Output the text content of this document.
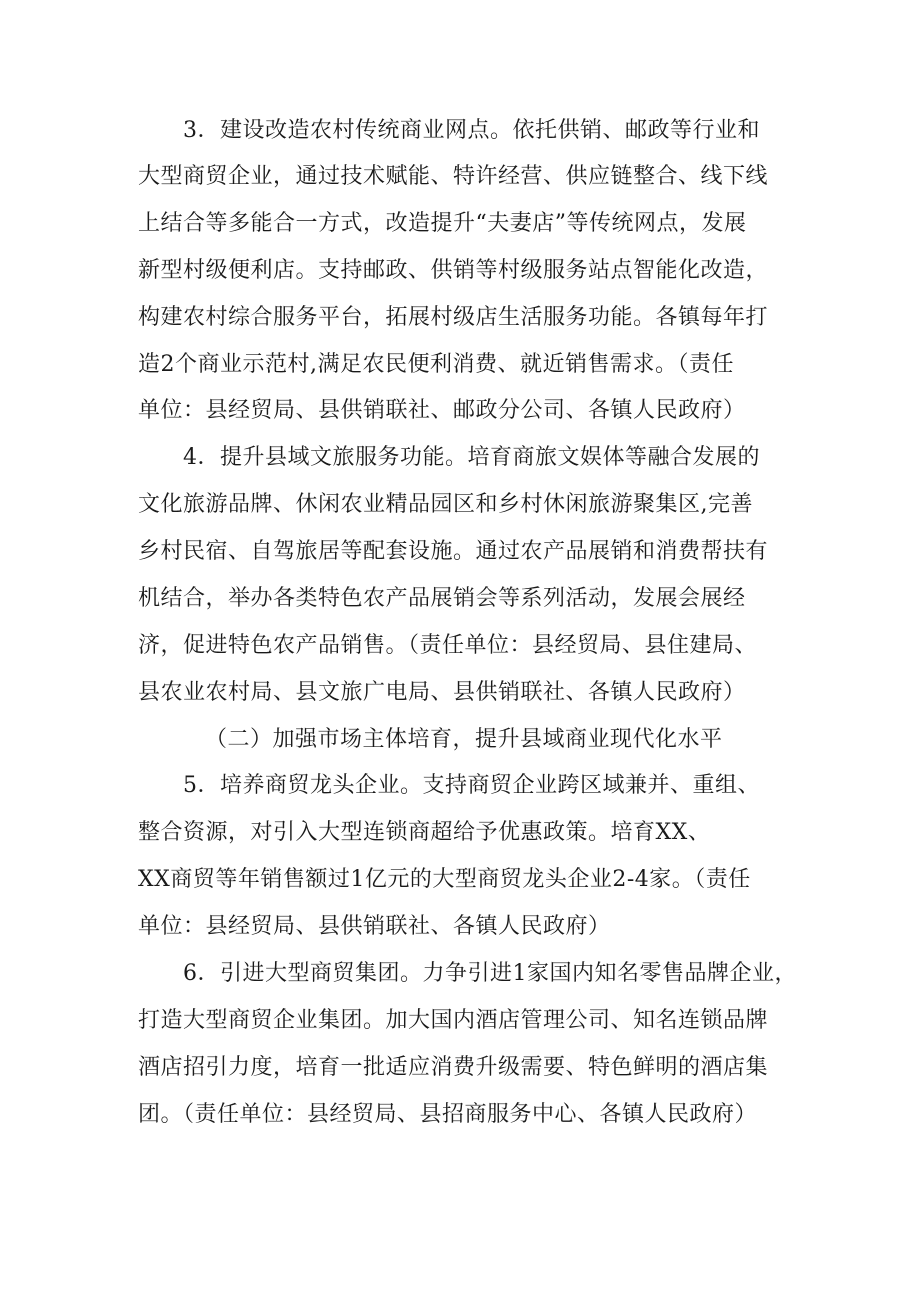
3．建设改造农村传统商业网点。依托供销、邮政等行业和
大型商贸企业，通过技术赋能、特许经营、供应链整合、线下线
上结合等多能合一方式，改造提升“夫妻店”等传统网点，发展
新型村级便利店。支持邮政、供销等村级服务站点智能化改造，
构建农村综合服务平台，拓展村级店生活服务功能。各镇每年打
造2个商业示范村,满足农民便利消费、就近销售需求。（责任
单位：县经贸局、县供销联社、邮政分公司、各镇人民政府）
4．提升县域文旅服务功能。培育商旅文娱体等融合发展的
文化旅游品牌、休闲农业精品园区和乡村休闲旅游聚集区,完善
乡村民宿、自驾旅居等配套设施。通过农产品展销和消费帮扶有
机结合，举办各类特色农产品展销会等系列活动，发展会展经
济，促进特色农产品销售。（责任单位：县经贸局、县住建局、
县农业农村局、县文旅广电局、县供销联社、各镇人民政府）
（二）加强市场主体培育，提升县域商业现代化水平
5．培养商贸龙头企业。支持商贸企业跨区域兼并、重组、
整合资源，对引入大型连锁商超给予优惠政策。培育XX、
XX商贸等年销售额过1亿元的大型商贸龙头企业2-4家。（责任
单位：县经贸局、县供销联社、各镇人民政府）
6．引进大型商贸集团。力争引进1家国内知名零售品牌企业，
打造大型商贸企业集团。加大国内酒店管理公司、知名连锁品牌
酒店招引力度，培育一批适应消费升级需要、特色鲜明的酒店集
团。（责任单位：县经贸局、县招商服务中心、各镇人民政府）
